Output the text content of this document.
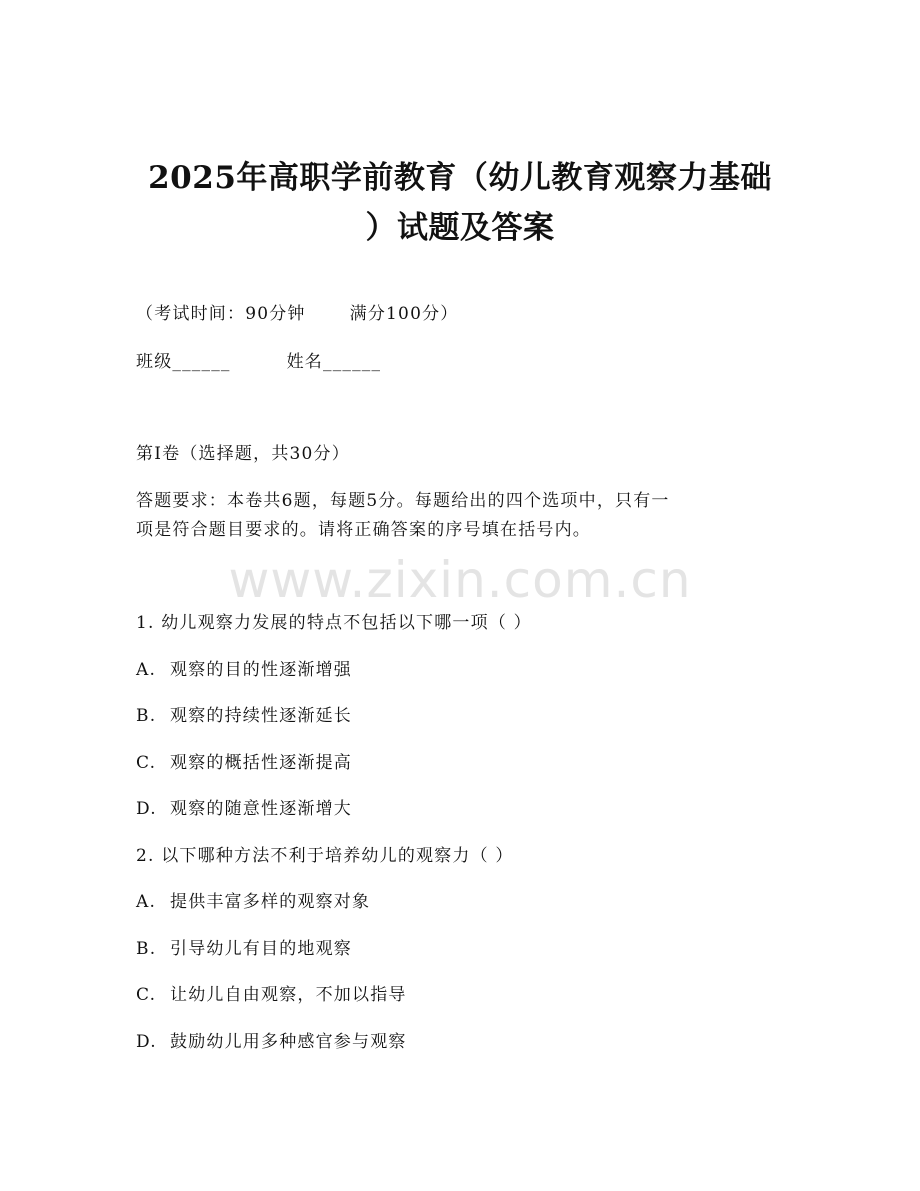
2025年高职学前教育（幼儿教育观察力基础
）试题及答案
（考试时间：90分钟	满分100分）
班级______	姓名______
第I卷（选择题，共30分）
答题要求：本卷共6题，每题5分。每题给出的四个选项中，只有一
项是符合题目要求的。请将正确答案的序号填在括号内。
www.zixin.com.cn
1. 幼儿观察力发展的特点不包括以下哪一项（ ）
A. 观察的目的性逐渐增强
B. 观察的持续性逐渐延长
C. 观察的概括性逐渐提高
D. 观察的随意性逐渐增大
2. 以下哪种方法不利于培养幼儿的观察力（ ）
A. 提供丰富多样的观察对象
B. 引导幼儿有目的地观察
C. 让幼儿自由观察，不加以指导
D. 鼓励幼儿用多种感官参与观察
